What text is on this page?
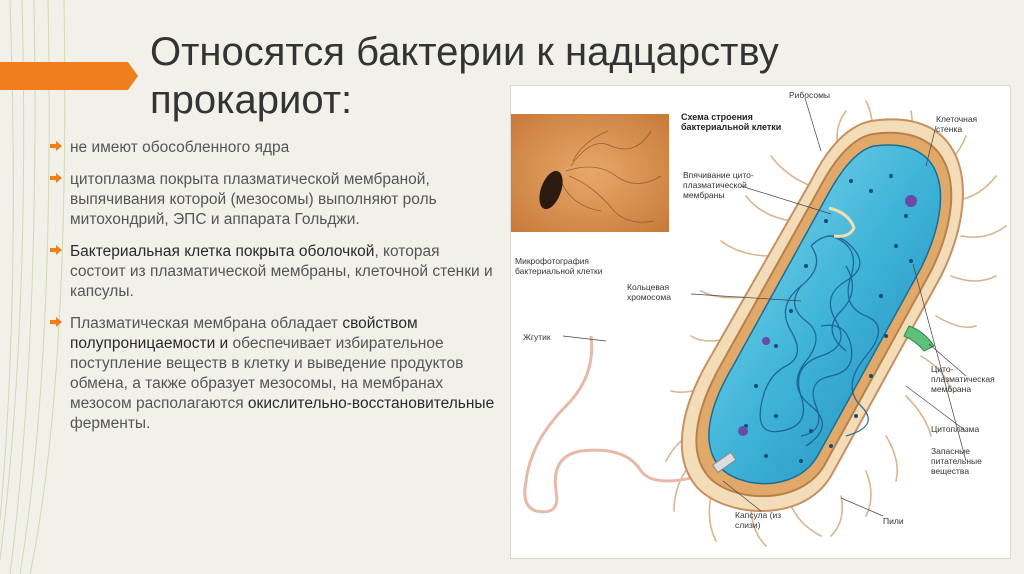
Относятся бактерии к надцарству прокариот:
не имеют обособленного ядра
цитоплазма покрыта плазматической мембраной, выпячивания которой (мезосомы) выполняют роль митохондрий, ЭПС и аппарата Гольджи.
Бактериальная клетка покрыта оболочкой, которая состоит из плазматической мембраны, клеточной стенки и капсулы.
Плазматическая мембрана обладает свойством полупроницаемости и обеспечивает избирательное поступление веществ в клетку и выведение продуктов обмена, а также образует мезосомы, на мембранах мезосом располагаются окислительно-восстановительные ферменты.
Схема строения бактериальной клетки
Рибосомы
Клеточная стенка
Впячивание цито-плазматической мембраны
Микрофотография бактериальной клетки
Кольцевая хромосома
Жгутик
Цито-плазматическая мембрана
Цитоплазма
Запасные питательные вещества
Капсула (из слизи)	Пили
